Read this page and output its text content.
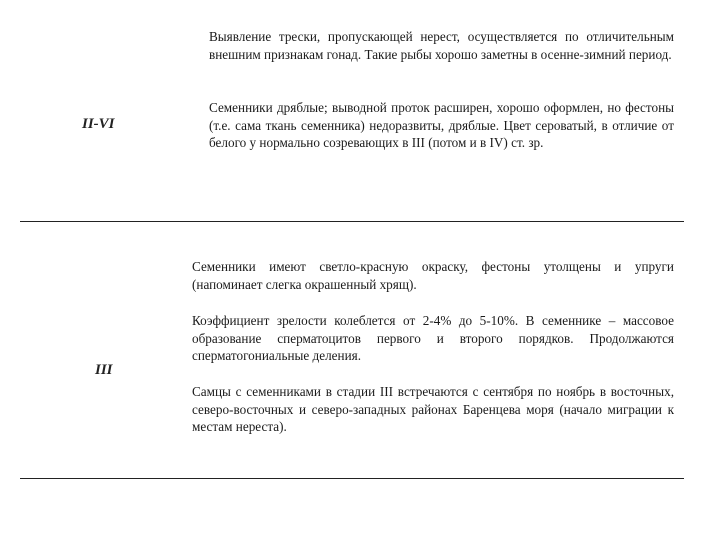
II-VI

Выявление трески, пропускающей нерест, осуществляется по отличительным внешним признакам гонад. Такие рыбы хорошо заметны в осенне-зимний период.

Семенники дряблые; выводной проток расширен, хорошо оформлен, но фестоны (т.е. сама ткань семенника) недоразвиты, дряблые. Цвет сероватый, в отличие от белого у нормально созревающих в III (потом и в IV) ст. зр.

III

Семенники имеют светло-красную окраску, фестоны утолщены и упруги (напоминает слегка окрашенный хрящ).

Коэффициент зрелости колеблется от 2-4% до 5-10%. В семеннике – массовое образование сперматоцитов первого и второго порядков. Продолжаются сперматогониальные деления.

Самцы с семенниками в стадии III встречаются с сентября по ноябрь в восточных, северо-восточных и северо-западных районах Баренцева моря (начало миграции к местам нереста).
